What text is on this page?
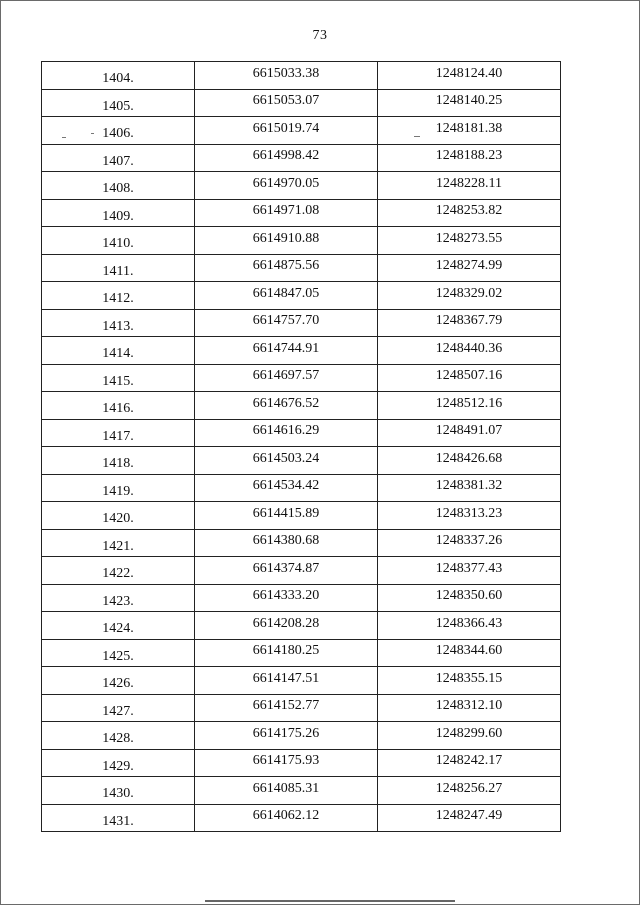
73
1404.	6615033.38	1248124.40
1405.	6615053.07	1248140.25
1406.	6615019.74	1248181.38
1407.	6614998.42	1248188.23
1408.	6614970.05	1248228.11
1409.	6614971.08	1248253.82
1410.	6614910.88	1248273.55
1411.	6614875.56	1248274.99
1412.	6614847.05	1248329.02
1413.	6614757.70	1248367.79
1414.	6614744.91	1248440.36
1415.	6614697.57	1248507.16
1416.	6614676.52	1248512.16
1417.	6614616.29	1248491.07
1418.	6614503.24	1248426.68
1419.	6614534.42	1248381.32
1420.	6614415.89	1248313.23
1421.	6614380.68	1248337.26
1422.	6614374.87	1248377.43
1423.	6614333.20	1248350.60
1424.	6614208.28	1248366.43
1425.	6614180.25	1248344.60
1426.	6614147.51	1248355.15
1427.	6614152.77	1248312.10
1428.	6614175.26	1248299.60
1429.	6614175.93	1248242.17
1430.	6614085.31	1248256.27
1431.	6614062.12	1248247.49
